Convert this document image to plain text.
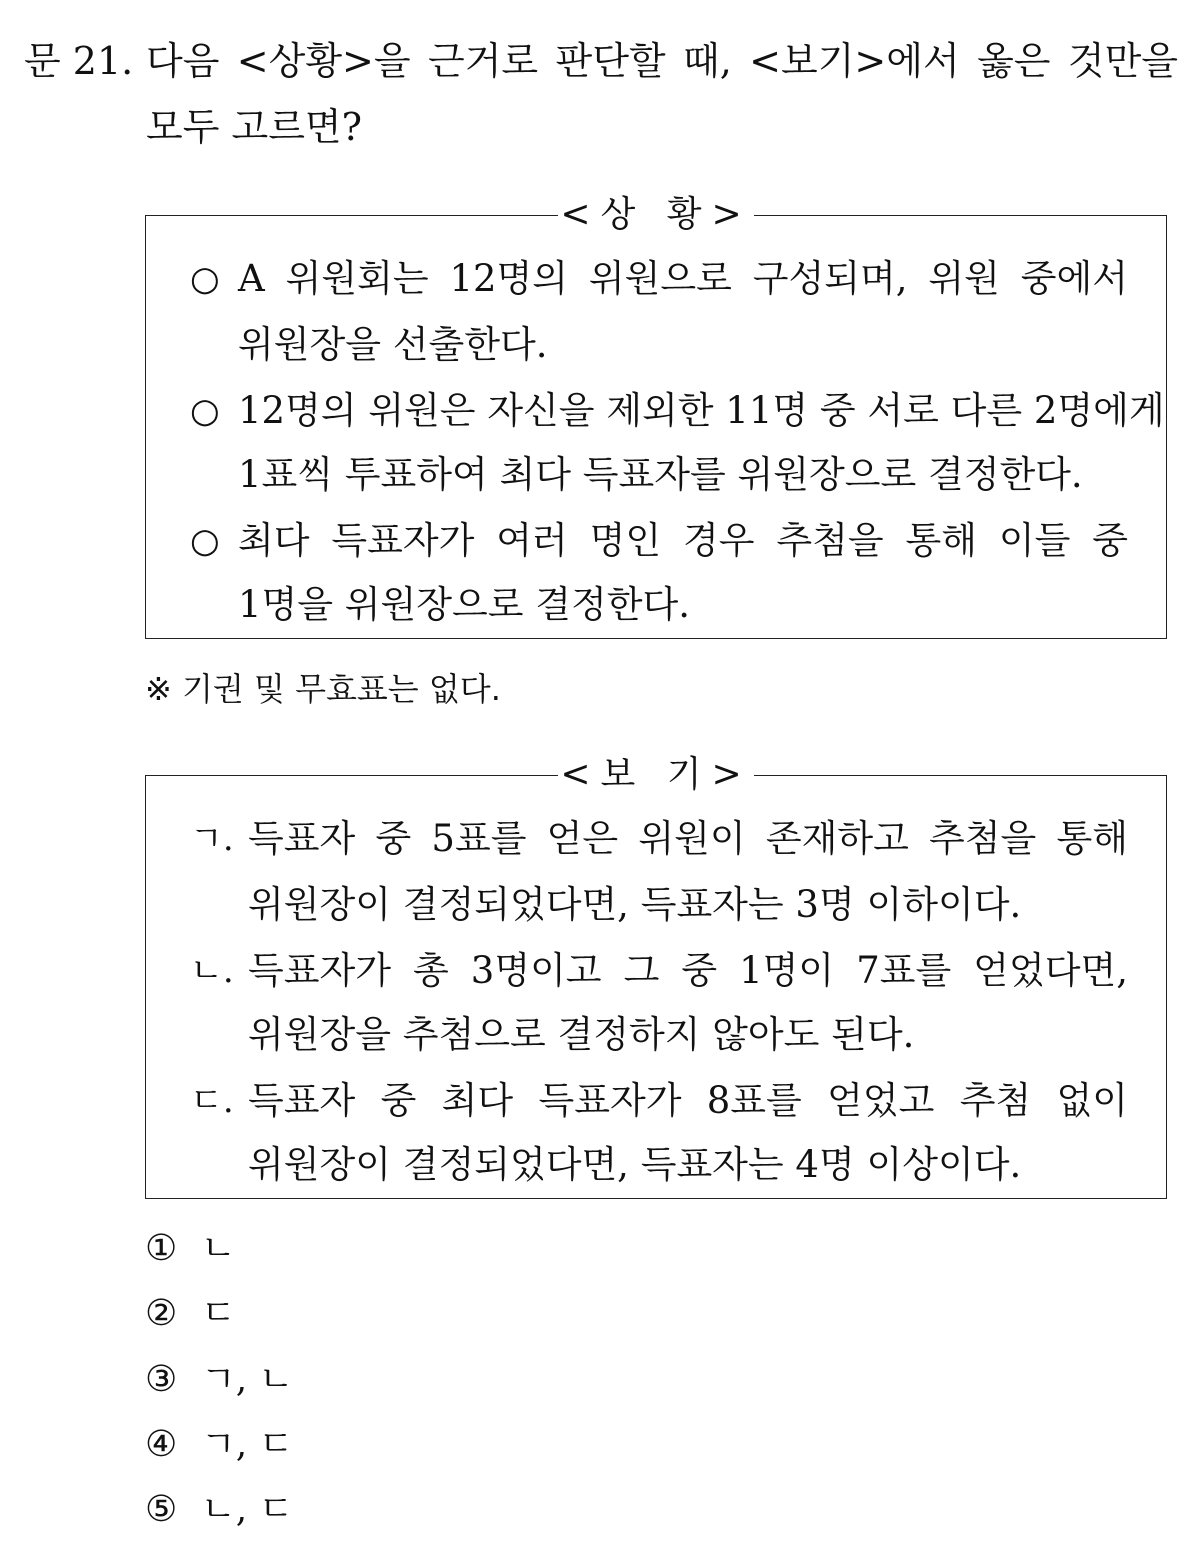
문 21. 다음 <상황>을 근거로 판단할 때, <보기>에서 옳은 것만을
모두 고르면?
<상 황>
○ A 위원회는 12명의 위원으로 구성되며, 위원 중에서
위원장을 선출한다.
○ 12명의 위원은 자신을 제외한 11명 중 서로 다른 2명에게
1표씩 투표하여 최다 득표자를 위원장으로 결정한다.
○ 최다 득표자가 여러 명인 경우 추첨을 통해 이들 중
1명을 위원장으로 결정한다.
※ 기권 및 무효표는 없다.
<보 기>
ㄱ. 득표자 중 5표를 얻은 위원이 존재하고 추첨을 통해
위원장이 결정되었다면, 득표자는 3명 이하이다.
ㄴ. 득표자가 총 3명이고 그 중 1명이 7표를 얻었다면,
위원장을 추첨으로 결정하지 않아도 된다.
ㄷ. 득표자 중 최다 득표자가 8표를 얻었고 추첨 없이
위원장이 결정되었다면, 득표자는 4명 이상이다.
① ㄴ
② ㄷ
③ ㄱ, ㄴ
④ ㄱ, ㄷ
⑤ ㄴ, ㄷ
